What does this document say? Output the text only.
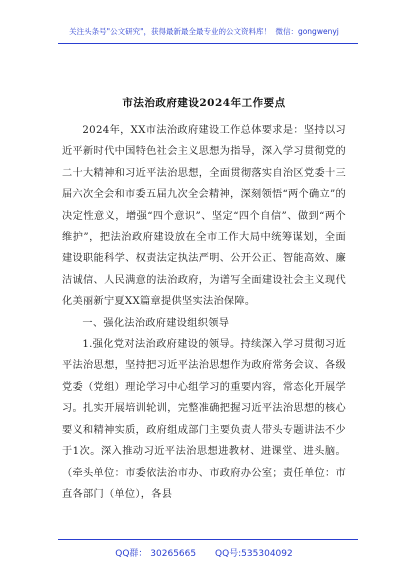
关注头条号"公文研究"，获得最新最全最专业的公文资料库！ 微信：gongwenyj
市法治政府建设2024年工作要点

2024年，XX市法治政府建设工作总体要求是：坚持以习近平新时代中国特色社会主义思想为指导，深入学习贯彻党的二十大精神和习近平法治思想，全面贯彻落实自治区党委十三届六次全会和市委五届九次全会精神，深刻领悟“两个确立”的决定性意义，增强“四个意识”、坚定“四个自信”、做到“两个维护”，把法治政府建设放在全市工作大局中统筹谋划，全面建设职能科学、权责法定执法严明、公开公正、智能高效、廉洁诚信、人民满意的法治政府，为谱写全面建设社会主义现代化美丽新宁夏XX篇章提供坚实法治保障。

一、强化法治政府建设组织领导

1.强化党对法治政府建设的领导。持续深入学习贯彻习近平法治思想，坚持把习近平法治思想作为政府常务会议、各级党委（党组）理论学习中心组学习的重要内容，常态化开展学习。扎实开展培训轮训，完整准确把握习近平法治思想的核心要义和精神实质，政府组成部门主要负责人带头专题讲法不少于1次。深入推动习近平法治思想进教材、进课堂、进头脑。（牵头单位：市委依法治市办、市政府办公室；责任单位：市直各部门（单位），各县

QQ群： 30265665 QQ号:535304092
